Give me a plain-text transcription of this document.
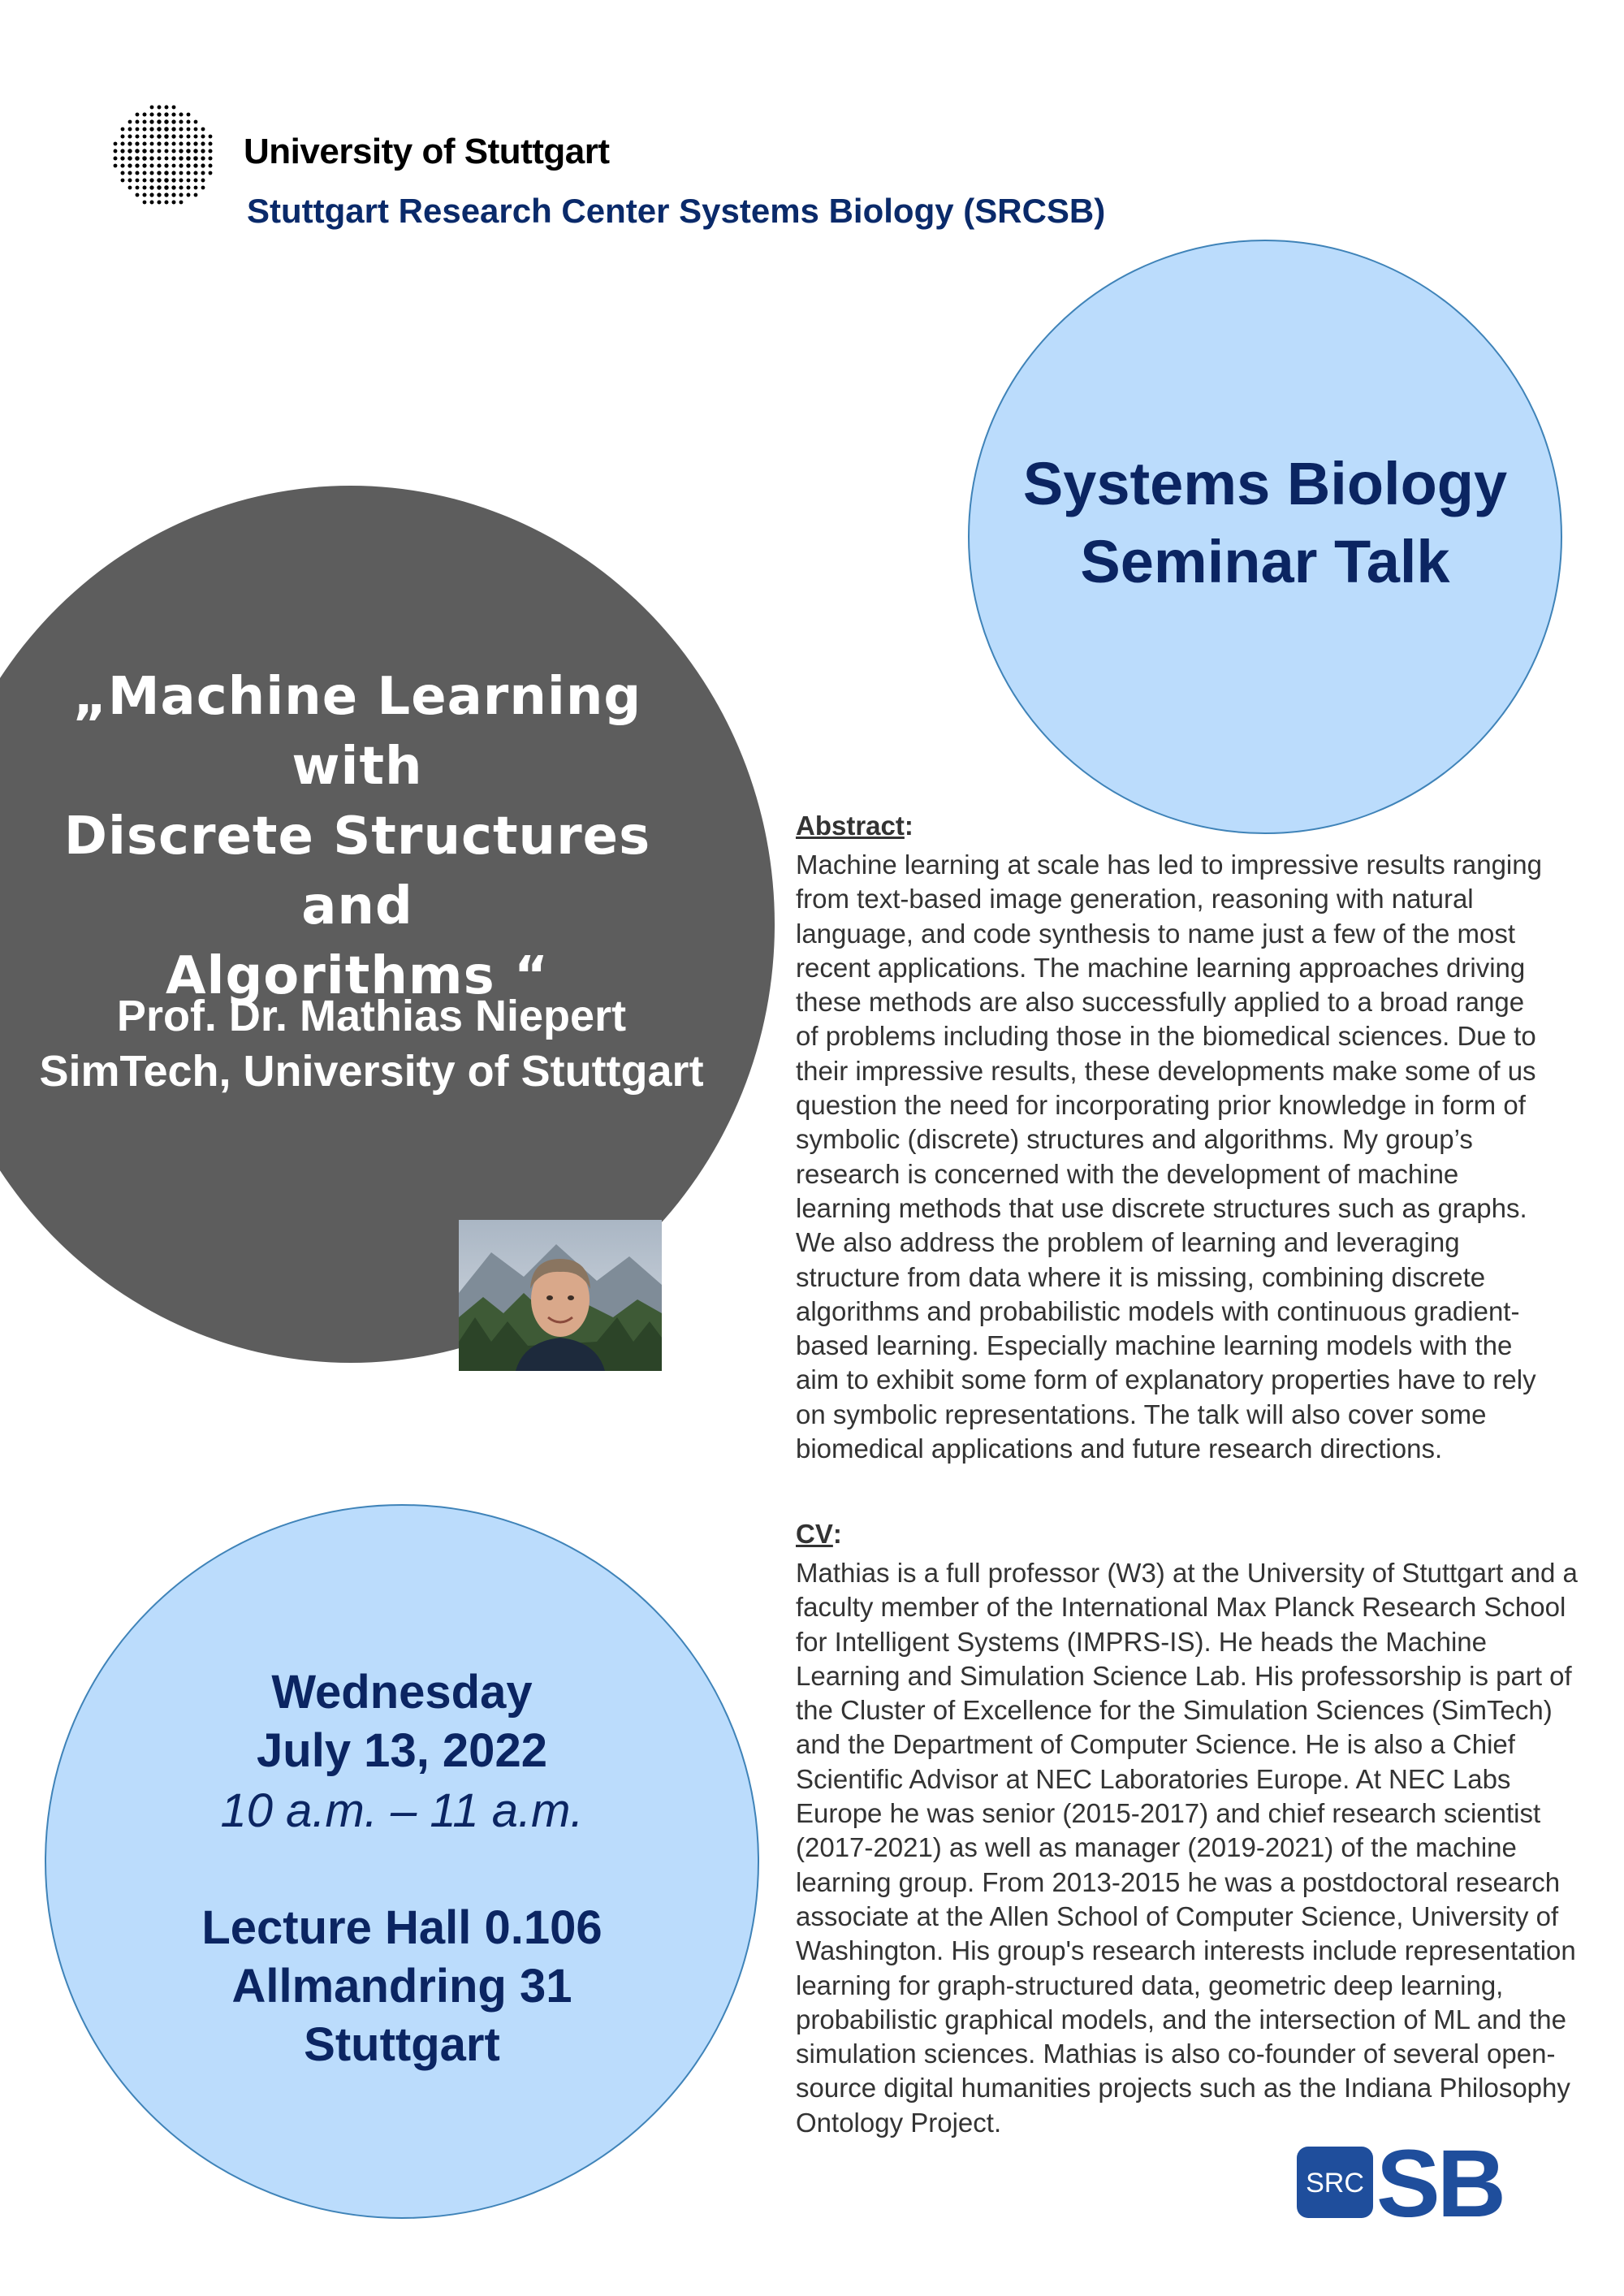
University of Stuttgart
Stuttgart Research Center Systems Biology (SRCSB)
Systems Biology
Seminar Talk
„Machine Learning with
Discrete Structures and
Algorithms “
Prof. Dr. Mathias Niepert
SimTech, University of Stuttgart
Wednesday
July 13, 2022
10 a.m. – 11 a.m.
Lecture Hall 0.106
Allmandring 31
Stuttgart
Abstract:
Machine learning at scale has led to impressive results ranging
from text-based image generation, reasoning with natural
language, and code synthesis to name just a few of the most
recent applications. The machine learning approaches driving
these methods are also successfully applied to a broad range
of problems including those in the biomedical sciences. Due to
their impressive results, these developments make some of us
question the need for incorporating prior knowledge in form of
symbolic (discrete) structures and algorithms. My group’s
research is concerned with the development of machine
learning methods that use discrete structures such as graphs.
We also address the problem of learning and leveraging
structure from data where it is missing, combining discrete
algorithms and probabilistic models with continuous gradient-
based learning. Especially machine learning models with the
aim to exhibit some form of explanatory properties have to rely
on symbolic representations. The talk will also cover some
biomedical applications and future research directions.
CV:
Mathias is a full professor (W3) at the University of Stuttgart and a
faculty member of the International Max Planck Research School
for Intelligent Systems (IMPRS-IS). He heads the Machine
Learning and Simulation Science Lab. His professorship is part of
the Cluster of Excellence for the Simulation Sciences (SimTech)
and the Department of Computer Science. He is also a Chief
Scientific Advisor at NEC Laboratories Europe. At NEC Labs
Europe he was senior (2015-2017) and chief research scientist
(2017-2021) as well as manager (2019-2021) of the machine
learning group. From 2013-2015 he was a postdoctoral research
associate at the Allen School of Computer Science, University of
Washington. His group's research interests include representation
learning for graph-structured data, geometric deep learning,
probabilistic graphical models, and the intersection of ML and the
simulation sciences. Mathias is also co-founder of several open-
source digital humanities projects such as the Indiana Philosophy
Ontology Project.
SRC SB
